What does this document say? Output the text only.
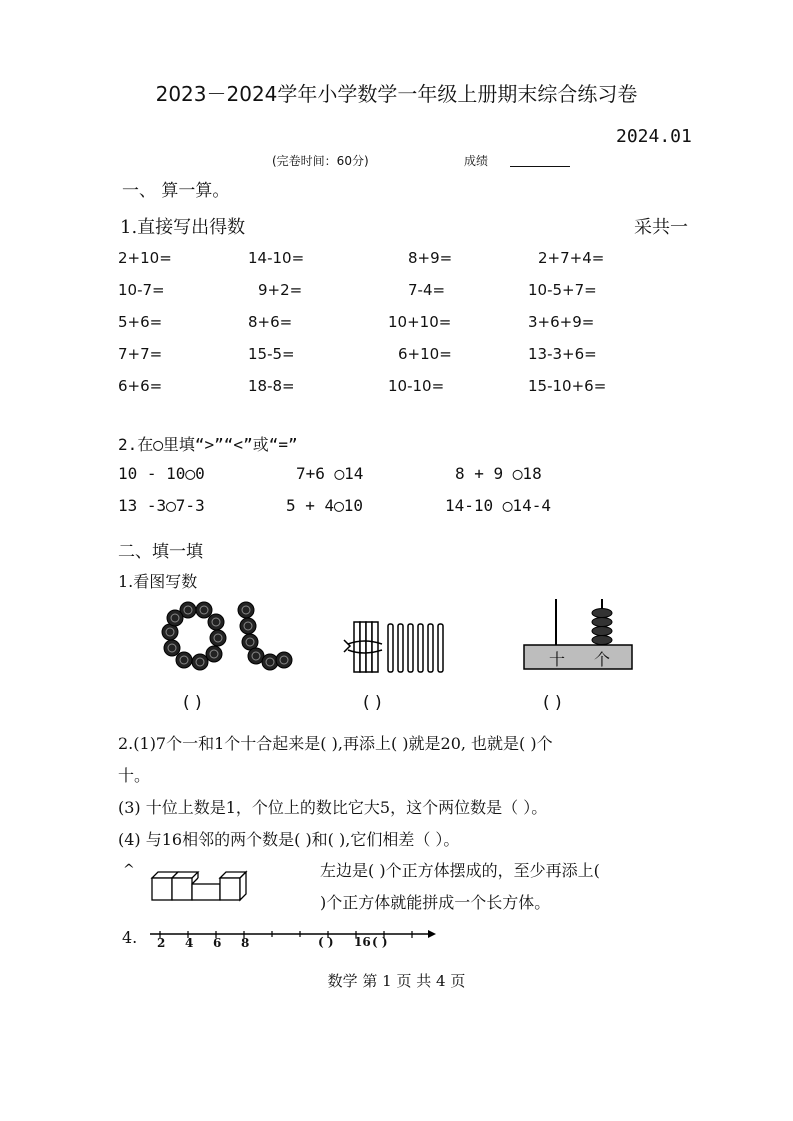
2023－2024学年小学数学一年级上册期末综合练习卷
2024.01
(完卷时间：60分)	成绩
一、 算一算。
1.直接写出得数	采共一
2+10=	14-10=	8+9=	2+7+4=
10-7=	9+2=	7-4=	10-5+7=
5+6=	8+6=	10+10=	3+6+9=
7+7=	15-5=	6+10=	13-3+6=
6+6=	18-8=	10-10=	15-10+6=
2.在◯里填“>”“<”或“=”
10 - 10◯0	7+6 ◯14	8 + 9 ◯18
13 -3◯7-3	5 + 4◯10	14-10 ◯14-4
二、填一填
1.看图写数
十 个
( )	( )	( )
2.(1)7个一和1个十合起来是( ),再添上( )就是20, 也就是( )个
十。
(3) 十位上数是1，个位上的数比它大5，这个两位数是（ ）。
(4) 与16相邻的两个数是( )和( ),它们相差（ ）。
^	左边是( )个正方体摆成的，至少再添上(
)个正方体就能拼成一个长方体。
4. 2 4 6 8	( ) 16 ( )
数学 第 1 页 共 4 页
